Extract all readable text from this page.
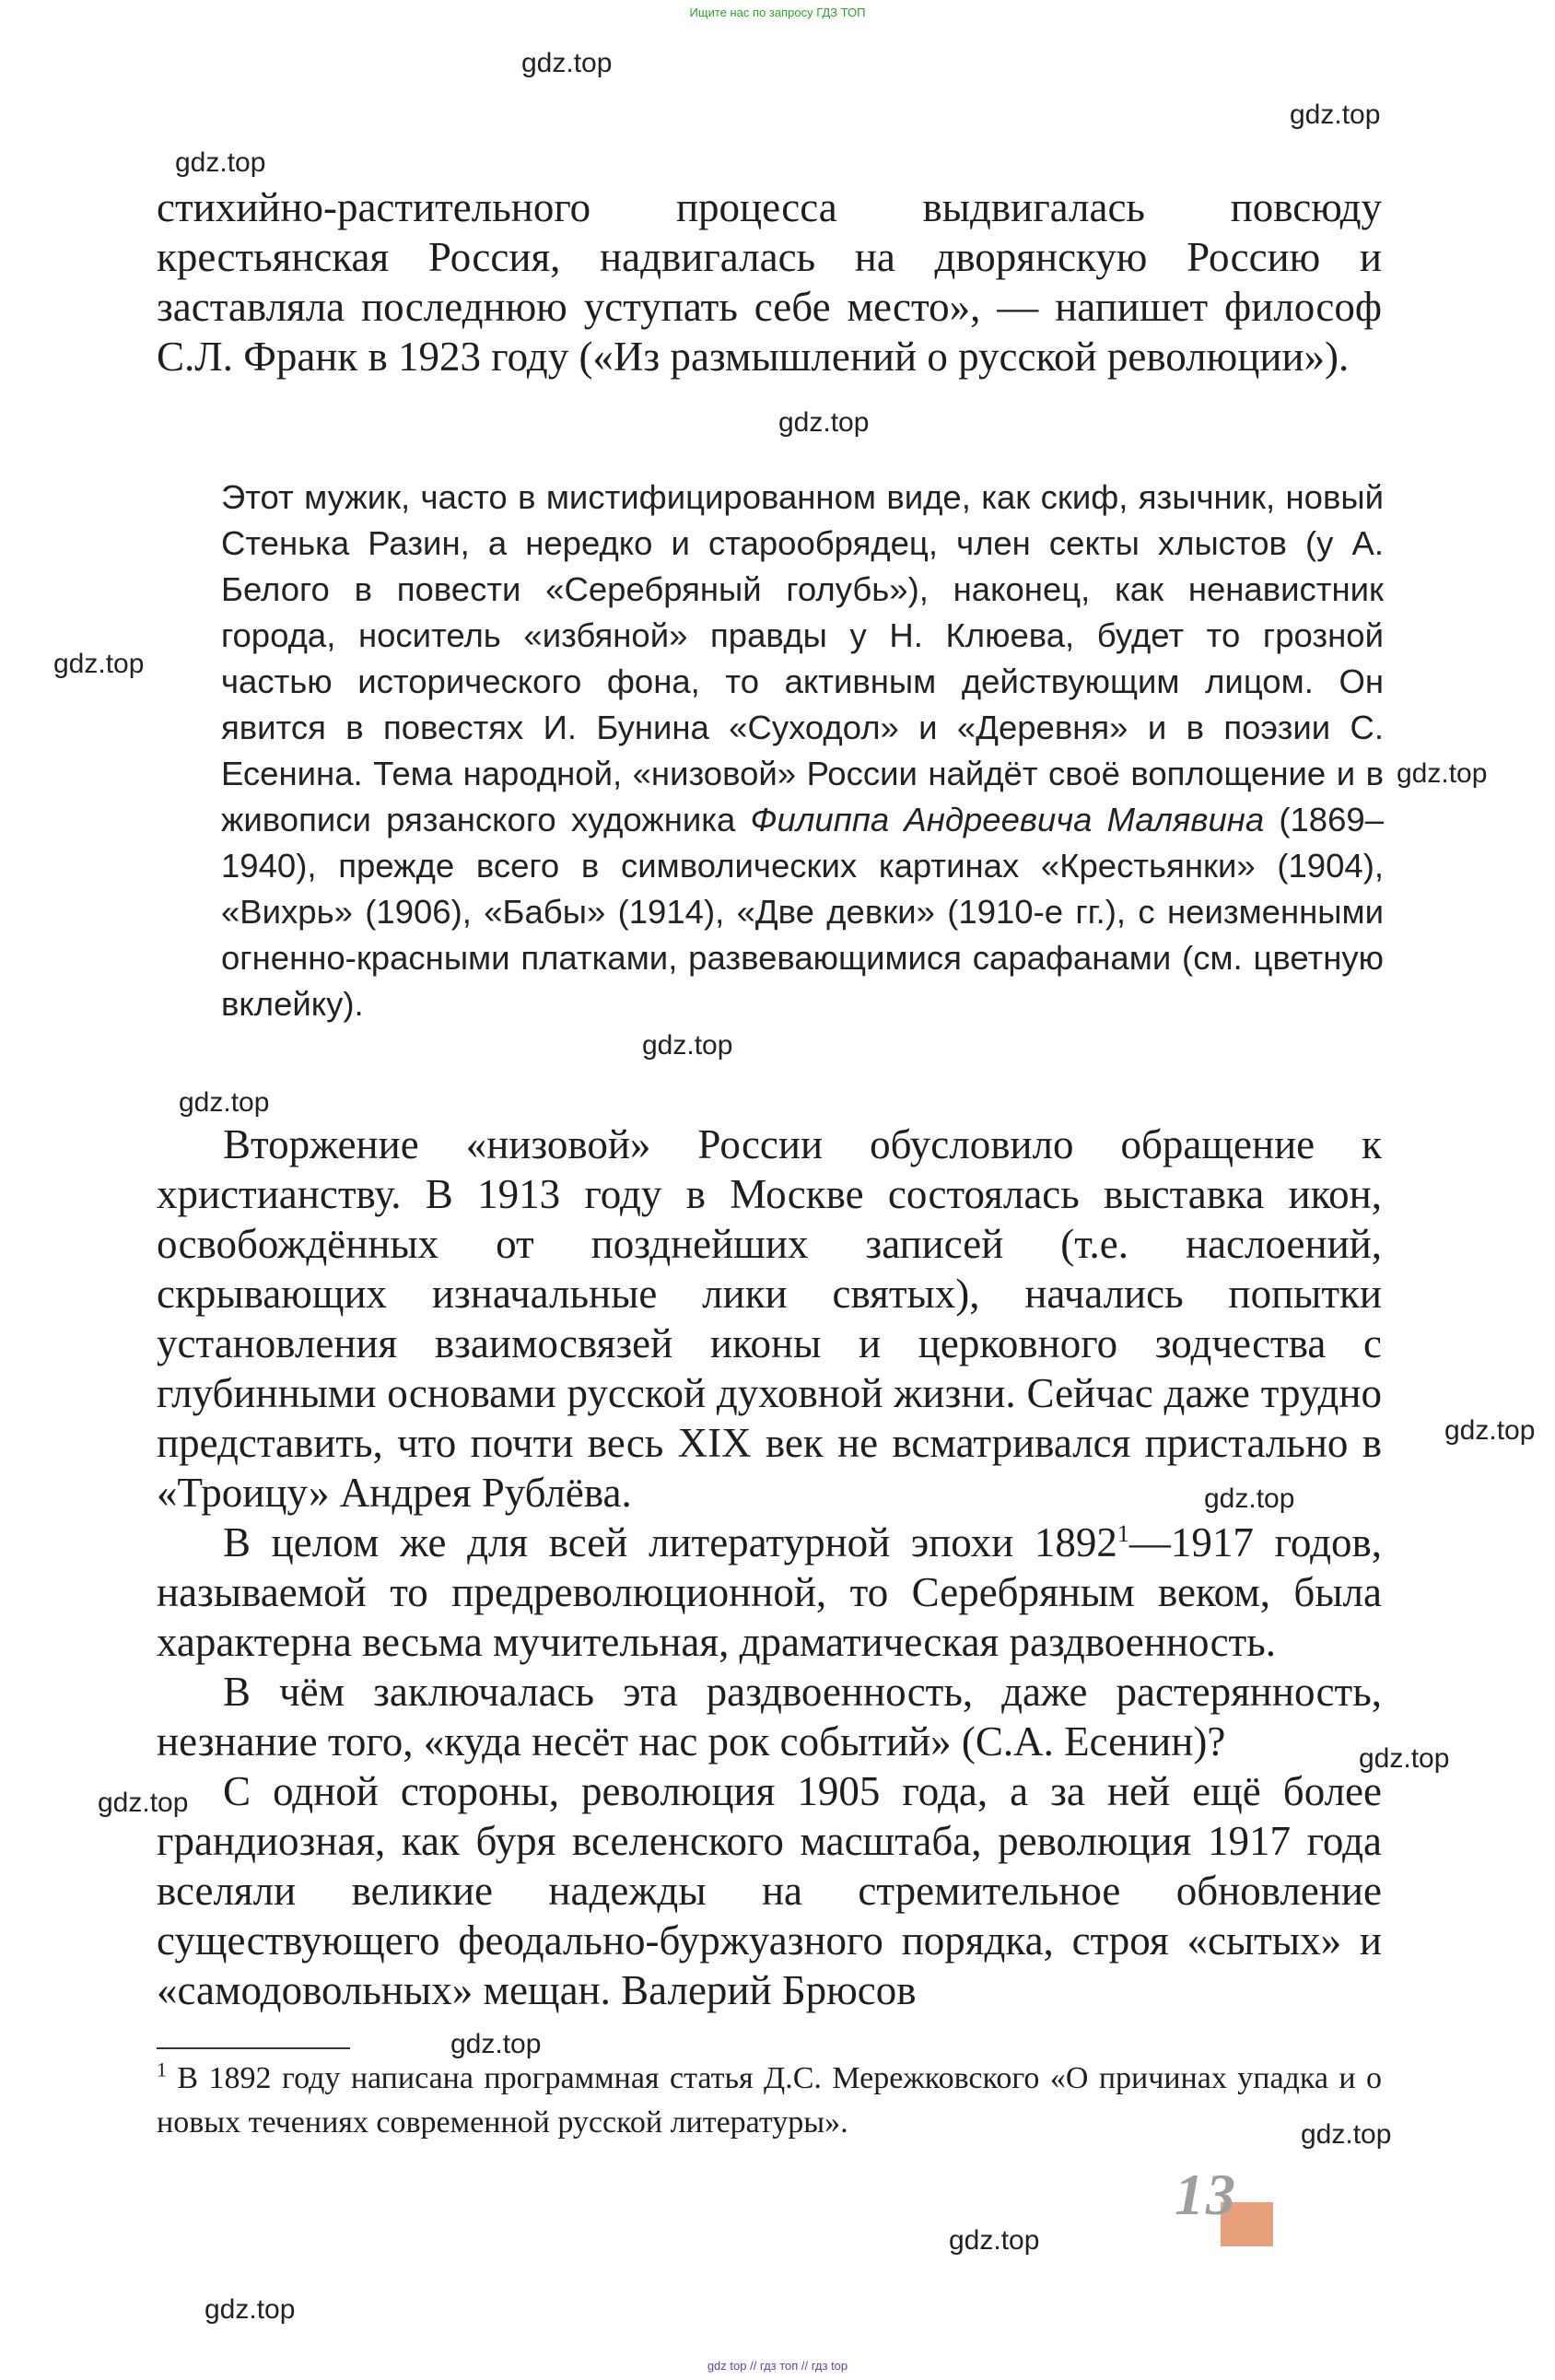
Ищите нас по запросу ГДЗ ТОП
gdz.top
gdz.top
gdz.top
gdz.top
gdz.top
gdz.top
gdz.top
gdz.top
gdz.top
gdz.top
gdz.top
gdz.top
gdz.top
gdz.top
gdz.top
gdz.top

стихийно-растительного процесса выдвигалась повсюду крестьянская Россия, надвигалась на дворянскую Россию и заставляла последнюю уступать себе место», — напишет философ С.Л. Франк в 1923 году («Из размышлений о русской революции»).

Этот мужик, часто в мистифицированном виде, как скиф, язычник, новый Стенька Разин, а нередко и старообрядец, член секты хлыстов (у А. Белого в повести «Серебряный голубь»), наконец, как ненавистник города, носитель «избяной» правды у Н. Клюева, будет то грозной частью исторического фона, то активным действующим лицом. Он явится в повестях И. Бунина «Суходол» и «Деревня» и в поэзии С. Есенина. Тема народной, «низовой» России найдёт своё воплощение и в живописи рязанского художника Филиппа Андреевича Малявина (1869–1940), прежде всего в символических картинах «Крестьянки» (1904), «Вихрь» (1906), «Бабы» (1914), «Две девки» (1910-е гг.), с неизменными огненно-красными платками, развевающимися сарафанами (см. цветную вклейку).

Вторжение «низовой» России обусловило обращение к христианству. В 1913 году в Москве состоялась выставка икон, освобождённых от позднейших записей (т.е. наслоений, скрывающих изначальные лики святых), начались попытки установления взаимосвязей иконы и церковного зодчества с глубинными основами русской духовной жизни. Сейчас даже трудно представить, что почти весь XIX век не всматривался пристально в «Троицу» Андрея Рублёва.

В целом же для всей литературной эпохи 1892$^1$—1917 годов, называемой то предреволюционной, то Серебряным веком, была характерна весьма мучительная, драматическая раздвоенность.

В чём заключалась эта раздвоенность, даже растерянность, незнание того, «куда несёт нас рок событий» (С.А. Есенин)?

С одной стороны, революция 1905 года, а за ней ещё более грандиозная, как буря вселенского масштаба, революция 1917 года вселяли великие надежды на стремительное обновление существующего феодально-буржуазного порядка, строя «сытых» и «самодовольных» мещан. Валерий Брюсов

$^1$ В 1892 году написана программная статья Д.С. Мережковского «О причинах упадка и о новых течениях современной русской литературы».

13
gdz top // гдз топ // гдз top
